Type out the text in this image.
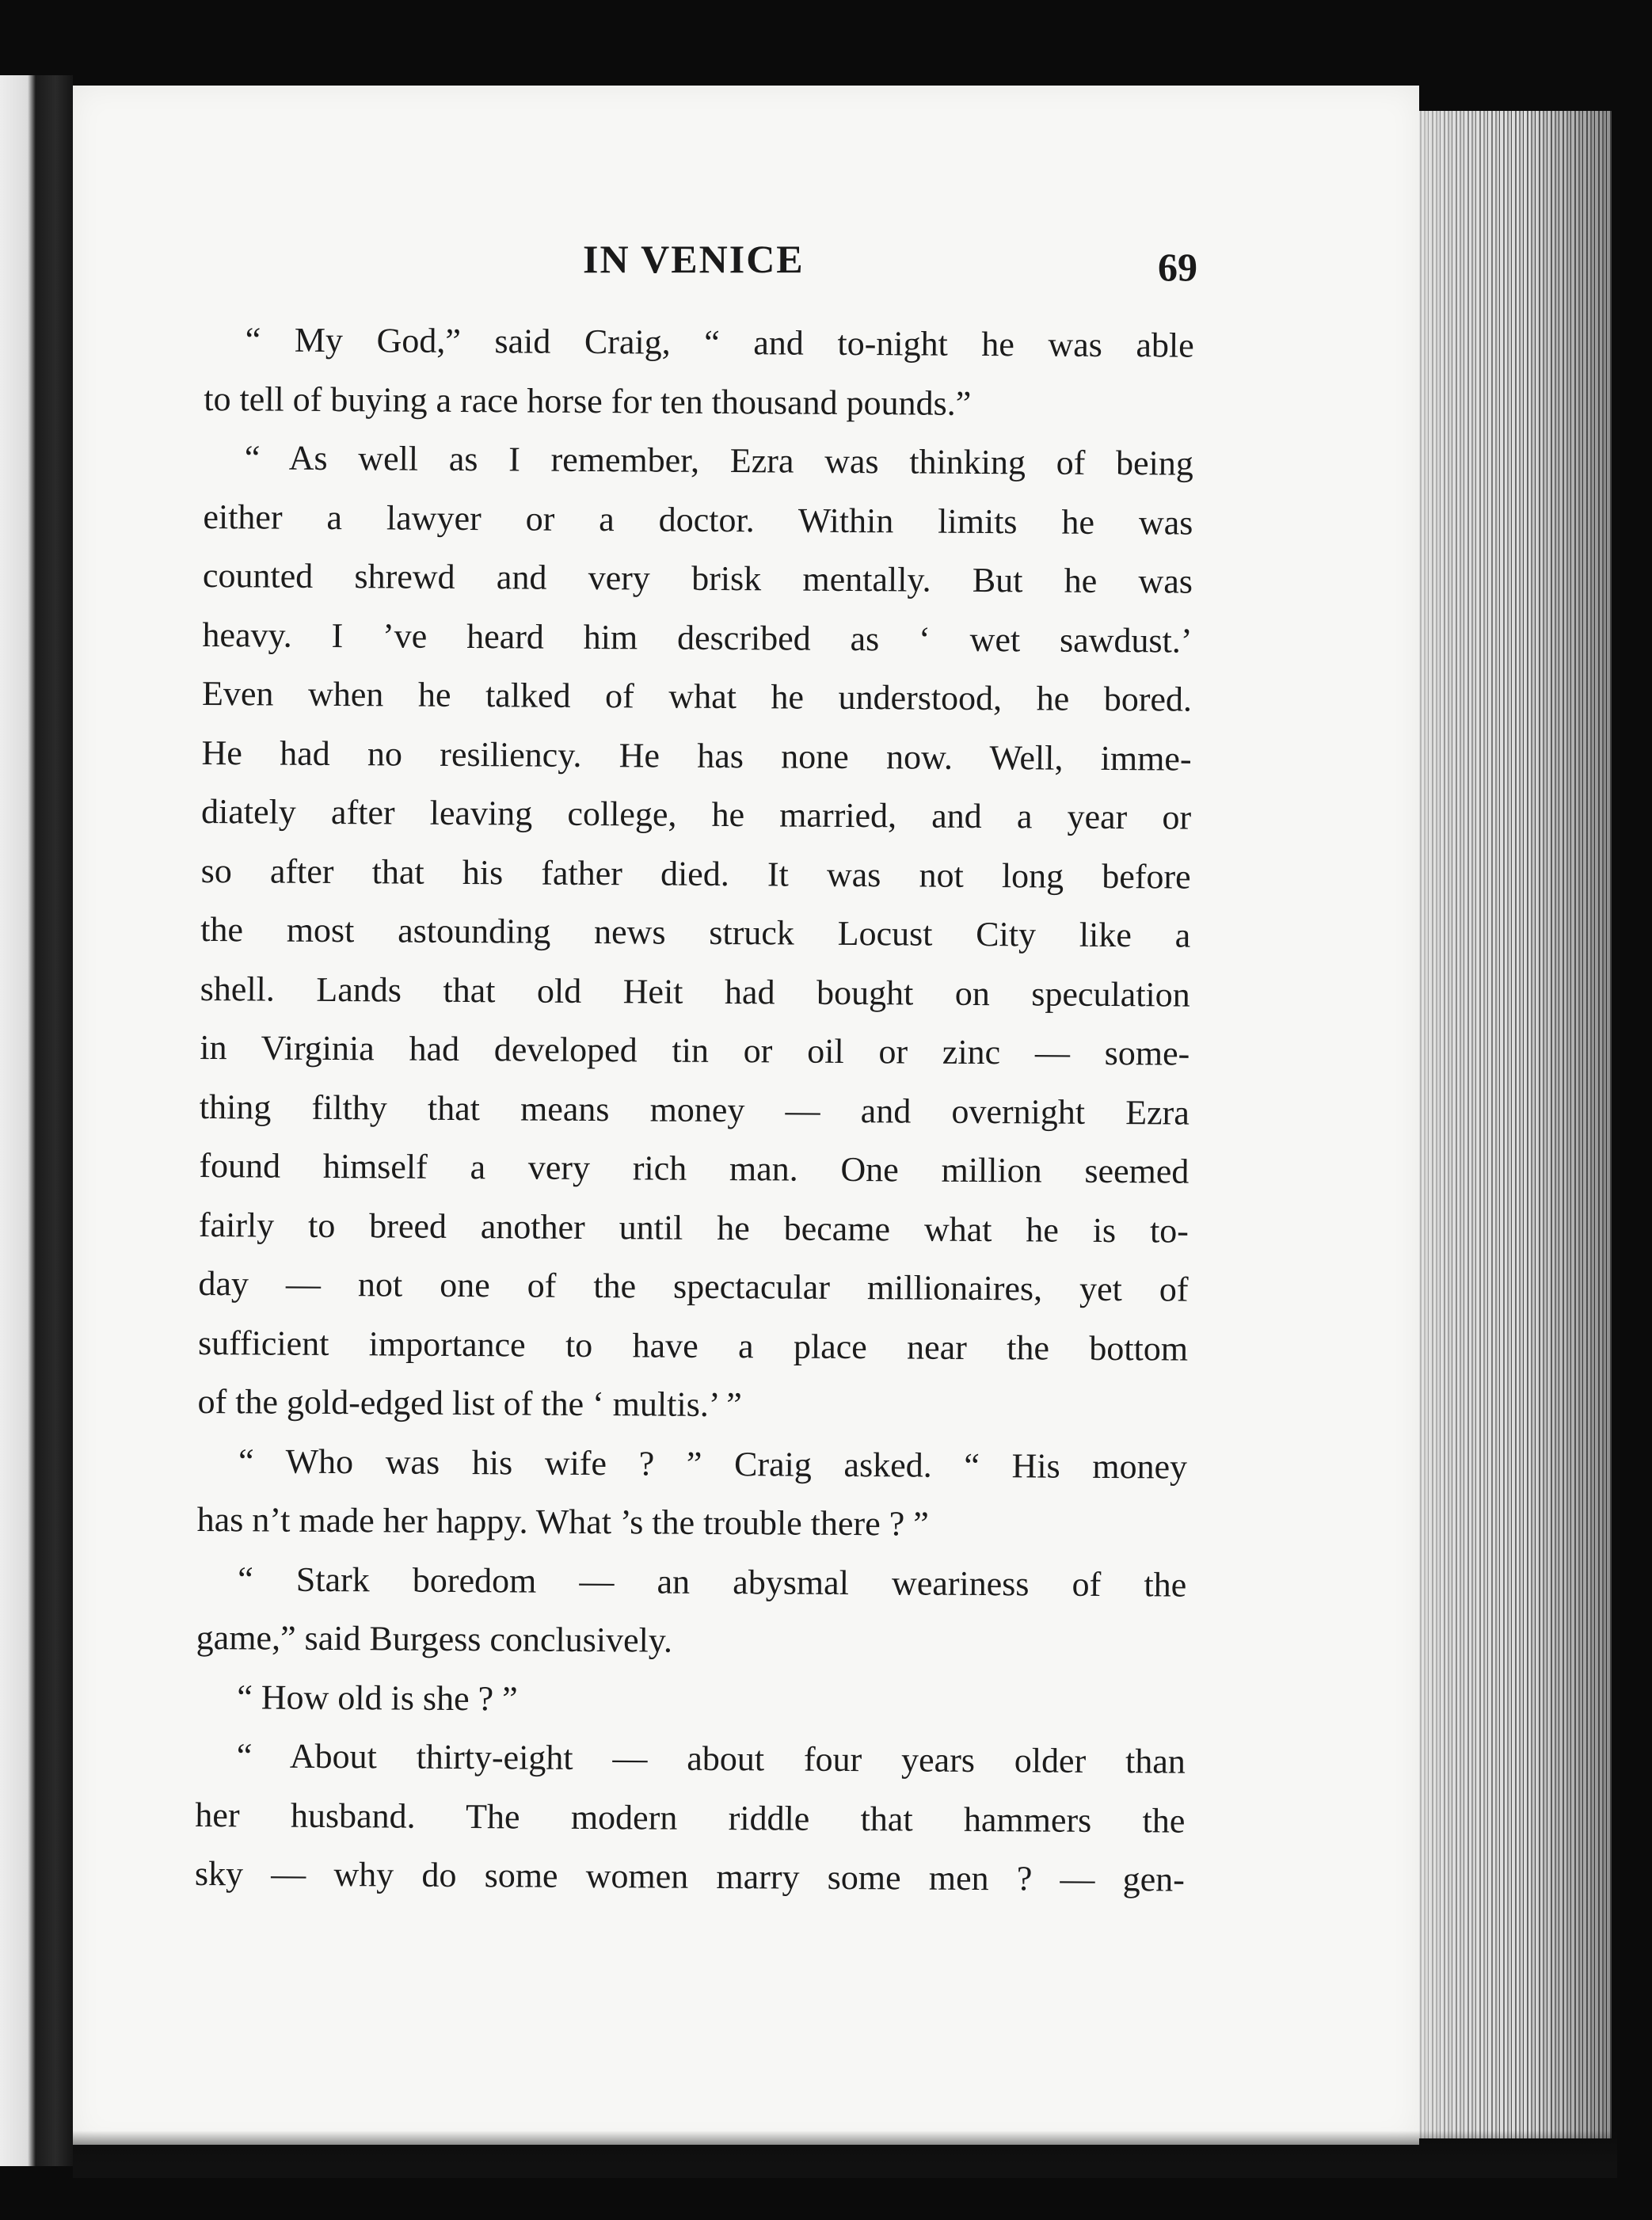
IN VENICE	69
“ My God,” said Craig, “ and to-night he was able
to tell of buying a race horse for ten thousand pounds.”
“ As well as I remember, Ezra was thinking of being
either a lawyer or a doctor. Within limits he was
counted shrewd and very brisk mentally. But he was
heavy. I ’ve heard him described as ‘ wet sawdust.’
Even when he talked of what he understood, he bored.
He had no resiliency. He has none now. Well, imme-
diately after leaving college, he married, and a year or
so after that his father died. It was not long before
the most astounding news struck Locust City like a
shell. Lands that old Heit had bought on speculation
in Virginia had developed tin or oil or zinc — some-
thing filthy that means money — and overnight Ezra
found himself a very rich man. One million seemed
fairly to breed another until he became what he is to-
day — not one of the spectacular millionaires, yet of
sufficient importance to have a place near the bottom
of the gold-edged list of the ‘ multis.’ ”
“ Who was his wife ? ” Craig asked. “ His money
has n’t made her happy. What ’s the trouble there ? ”
“ Stark boredom — an abysmal weariness of the
game,” said Burgess conclusively.
“ How old is she ? ”
“ About thirty-eight — about four years older than
her husband. The modern riddle that hammers the
sky — why do some women marry some men ? — gen-
